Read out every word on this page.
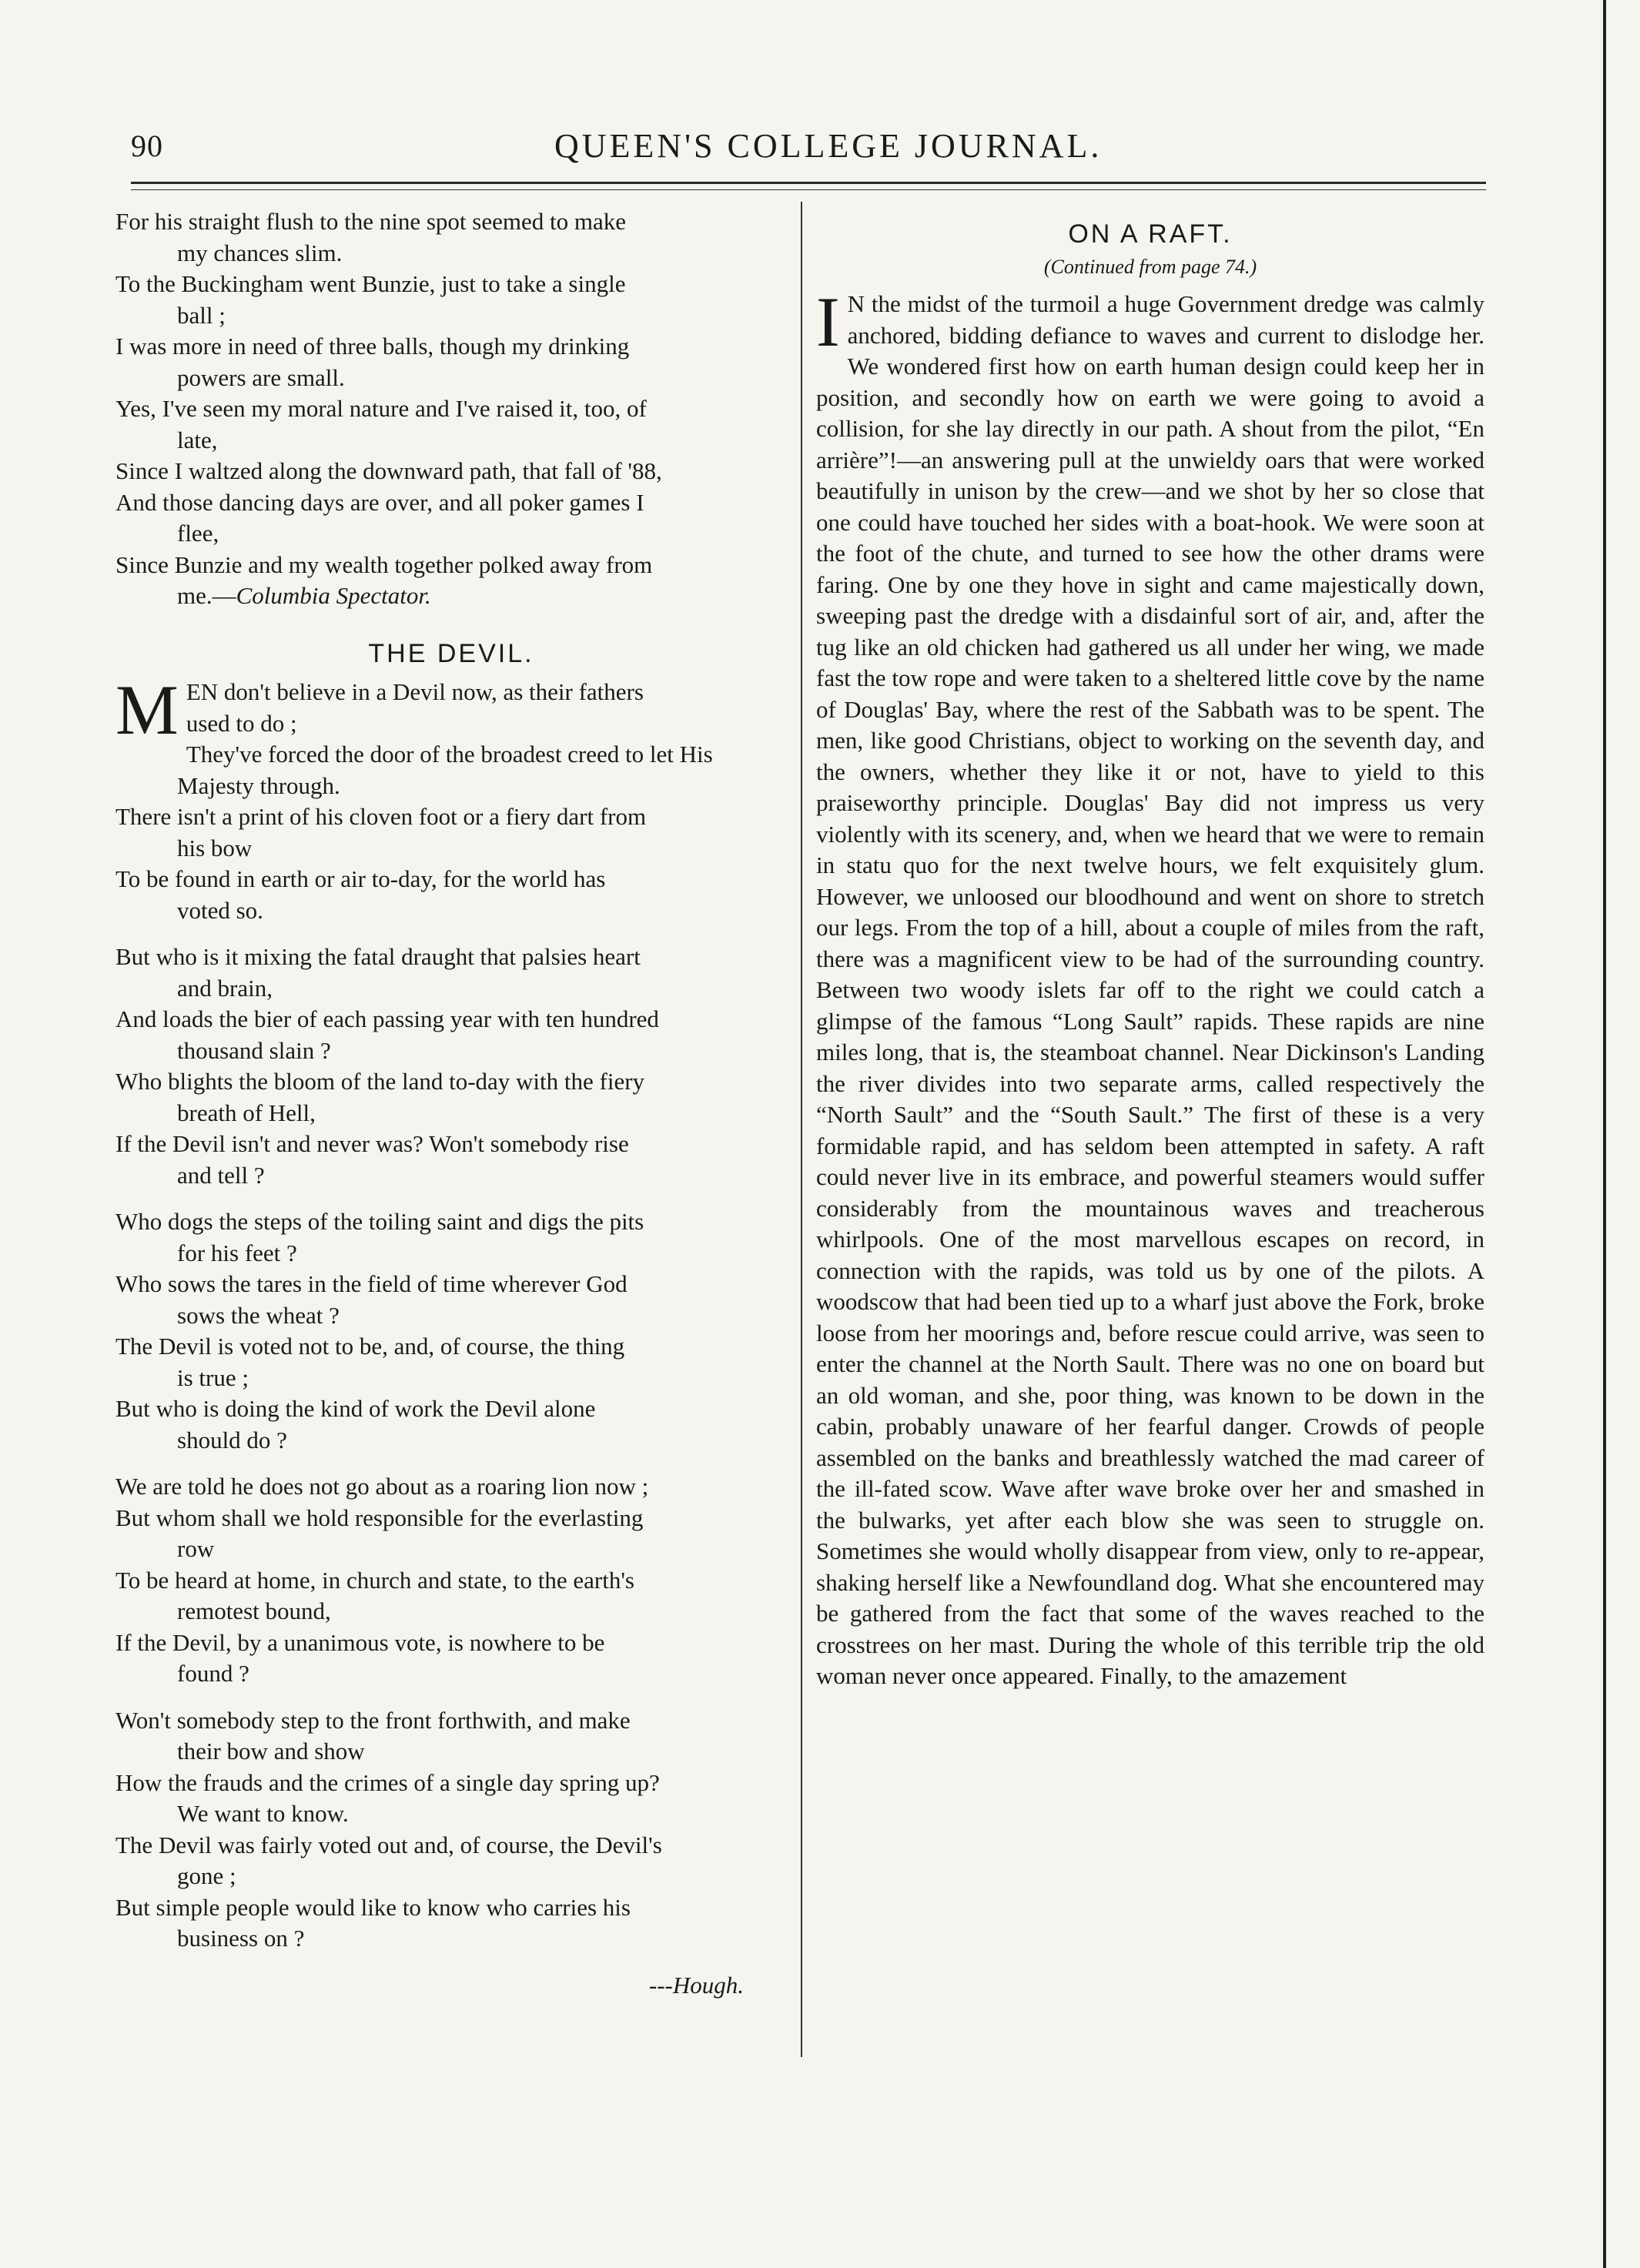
90	QUEEN'S COLLEGE JOURNAL.

For his straight flush to the nine spot seemed to make
my chances slim.

To the Buckingham went Bunzie, just to take a single
ball ;

I was more in need of three balls, though my drinking
powers are small.

Yes, I've seen my moral nature and I've raised it, too, of
late,

Since I waltzed along the downward path, that fall of '88,

And those dancing days are over, and all poker games I
flee,

Since Bunzie and my wealth together polked away from
me.—Columbia Spectator.

THE DEVIL.

MEN don't believe in a Devil now, as their fathers
used to do ;

They've forced the door of the broadest creed to let His
Majesty through.

There isn't a print of his cloven foot or a fiery dart from
his bow

To be found in earth or air to-day, for the world has
voted so.

But who is it mixing the fatal draught that palsies heart
and brain,

And loads the bier of each passing year with ten hundred
thousand slain ?

Who blights the bloom of the land to-day with the fiery
breath of Hell,

If the Devil isn't and never was? Won't somebody rise
and tell ?

Who dogs the steps of the toiling saint and digs the pits
for his feet ?

Who sows the tares in the field of time wherever God
sows the wheat ?

The Devil is voted not to be, and, of course, the thing
is true ;

But who is doing the kind of work the Devil alone
should do ?

We are told he does not go about as a roaring lion now ;

But whom shall we hold responsible for the everlasting
row

To be heard at home, in church and state, to the earth's
remotest bound,

If the Devil, by a unanimous vote, is nowhere to be
found ?

Won't somebody step to the front forthwith, and make
their bow and show

How the frauds and the crimes of a single day spring up?
We want to know.

The Devil was fairly voted out and, of course, the Devil's
gone ;

But simple people would like to know who carries his
business on ?

---Hough.
ON A RAFT.
(Continued from page 74.)

I N the midst of the turmoil a huge Government dredge was calmly anchored, bidding defiance to waves and current to dislodge her. We wondered first how on earth human design could keep her in position, and secondly how on earth we were going to avoid a collision, for she lay directly in our path. A shout from the pilot, “En arrière”!—an answering pull at the unwieldy oars that were worked beautifully in unison by the crew—and we shot by her so close that one could have touched her sides with a boat-hook. We were soon at the foot of the chute, and turned to see how the other drams were faring. One by one they hove in sight and came majestically down, sweeping past the dredge with a disdainful sort of air, and, after the tug like an old chicken had gathered us all under her wing, we made fast the tow rope and were taken to a sheltered little cove by the name of Douglas' Bay, where the rest of the Sabbath was to be spent. The men, like good Christians, object to working on the seventh day, and the owners, whether they like it or not, have to yield to this praiseworthy principle. Douglas' Bay did not impress us very violently with its scenery, and, when we heard that we were to remain in statu quo for the next twelve hours, we felt exquisitely glum. However, we unloosed our bloodhound and went on shore to stretch our legs. From the top of a hill, about a couple of miles from the raft, there was a magnificent view to be had of the surrounding country. Between two woody islets far off to the right we could catch a glimpse of the famous “Long Sault” rapids. These rapids are nine miles long, that is, the steamboat channel. Near Dickinson's Landing the river divides into two separate arms, called respectively the “North Sault” and the “South Sault.” The first of these is a very formidable rapid, and has seldom been attempted in safety. A raft could never live in its embrace, and powerful steamers would suffer considerably from the mountainous waves and treacherous whirlpools. One of the most marvellous escapes on record, in connection with the rapids, was told us by one of the pilots. A woodscow that had been tied up to a wharf just above the Fork, broke loose from her moorings and, before rescue could arrive, was seen to enter the channel at the North Sault. There was no one on board but an old woman, and she, poor thing, was known to be down in the cabin, probably unaware of her fearful danger. Crowds of people assembled on the banks and breathlessly watched the mad career of the ill-fated scow. Wave after wave broke over her and smashed in the bulwarks, yet after each blow she was seen to struggle on. Sometimes she would wholly disappear from view, only to re-appear, shaking herself like a Newfoundland dog. What she encountered may be gathered from the fact that some of the waves reached to the crosstrees on her mast. During the whole of this terrible trip the old woman never once appeared. Finally, to the amazement
